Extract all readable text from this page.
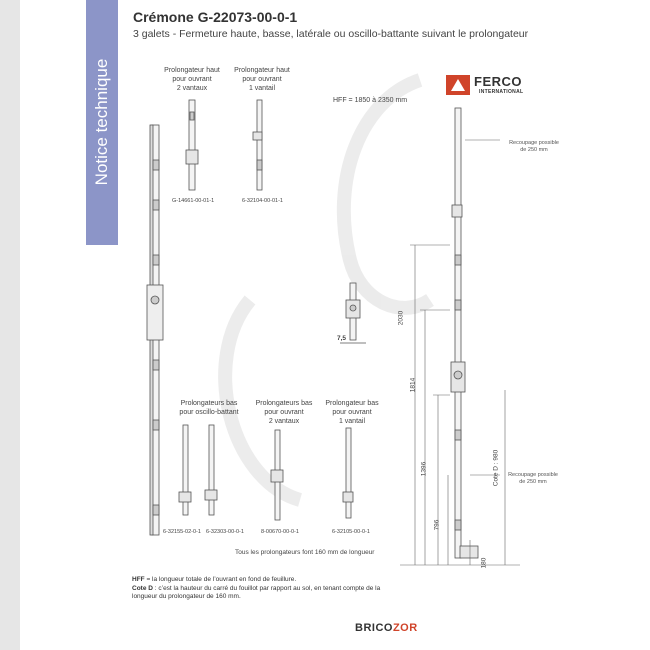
Notice technique
Crémone G-22073-00-0-1
3 galets - Fermeture haute, basse, latérale ou oscillo-battante suivant le prolongateur
FERCO
INTERNATIONAL
HFF = 1850 à 2350 mm
Prolongateur haut
pour ouvrant
2 vantaux
G-14661-00-01-1
Prolongateur haut
pour ouvrant
1 vantail
6-32104-00-01-1
Prolongateurs bas
pour oscillo-battant
6-32155-02-0-1 6-32303-00-0-1
Prolongateurs bas
pour ouvrant
2 vantaux
8-00670-00-0-1
Prolongateur bas
pour ouvrant
1 vantail
6-32105-00-0-1
7,5
Recoupage possible
de 250 mm
Recoupage possible
de 250 mm
2030
1814
1396
796
180
Cote D : 980
Tous les prolongateurs font 160 mm de longueur
HFF = la longueur totale de l’ouvrant en fond de feuillure.
Cote D : c’est la hauteur du carré du fouillot par rapport au sol, en tenant compte de la longueur du prolongateur de 160 mm.
BRICOZOR
